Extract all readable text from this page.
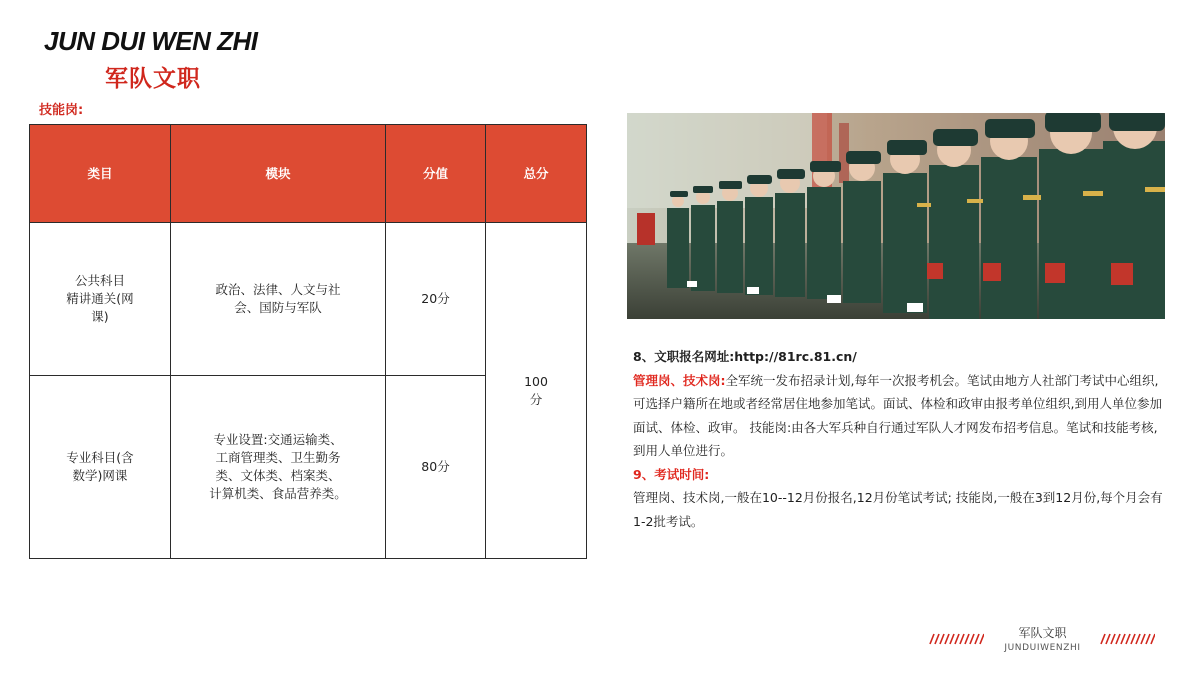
JUN DUI WEN ZHI
军队文职
技能岗:
类目	模块	分值	总分
公共科目
精讲通关(网
课)	政治、法律、人文与社
会、国防与军队	20分	100
分
专业科目(含
数学)网课	专业设置:交通运输类、
工商管理类、卫生勤务
类、文体类、档案类、
计算机类、食品营养类。	80分	

8、文职报名网址:http://81rc.81.cn/

管理岗、技术岗:全军统一发布招录计划,每年一次报考机会。笔试由地方人社部门考试中心组织,可选择户籍所在地或者经常居住地参加笔试。面试、体检和政审由报考单位组织,到用人单位参加面试、体检、政审。 技能岗:由各大军兵种自行通过军队人才网发布招考信息。笔试和技能考核,到用人单位进行。

9、考试时间:

管理岗、技术岗,一般在10--12月份报名,12月份笔试考试; 技能岗,一般在3到12月份,每个月会有1-2批考试。

军队文职
JUNDUIWENZHI
